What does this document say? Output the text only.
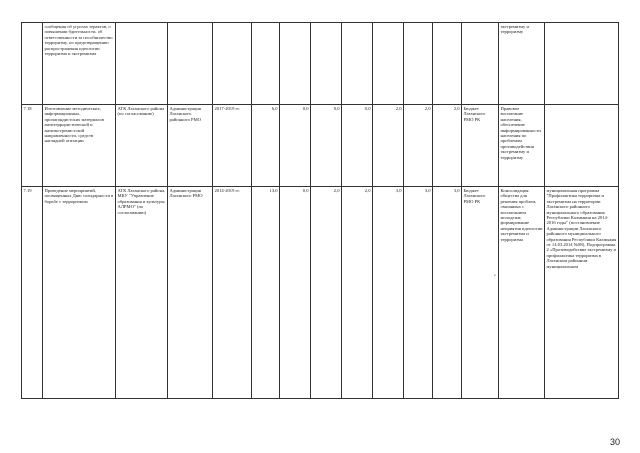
	сообщения об угрозах терактов, о повышении бдительности, об ответственности за пособничество терроризму, по предотвращению распространения идеологии терроризма и экстремизма												экстремизму и терроризму	
7.18	Изготовление методических, информационных, пропагандистских материалов антитеррористической и антиэкстремистской направленности, средств наглядной агитации	АТК Лаганского района (по согласованию)	Администрация Лаганского районного РМО	2017-2019 гг.	6,0	0,0	0,0	0,0	2,0	2,0	2,0	Бюджет Лаганского РМО РК	Правовое воспитание населения, обеспечение информированности населения по проблемам противодействия экстремизму и терроризму	
7.19	Проведение мероприятий, посвященных Дню солидарности в борьбе с терроризмом	АТК Лаганского района, МКУ "Управление образования и культуры АЛРМО" (по согласованию)	Администрация Лаганского РМО	2014-2019 гг.	13,0	0,0	2,0	2,0	3,0	3,0	3,0	Бюджет Лаганского РМО РК	Консолидация общества для решения проблем, связанных с воспитанием молодежи; формирование неприятия идеологии экстремизма и терроризма	муниципальная программа "Профилактика терроризма и экстремизма на территории Лаганского районного муниципального образования Республики Калмыкия на 2014-2016 годы" (постановление Администрации Лаганского районного муниципального образования Республики Калмыкия от 14.03.2014 №88), Подпрограмма 2 «Противодействие экстремизму и профилактика терроризма в Лаганском районном муниципальном
•
30
